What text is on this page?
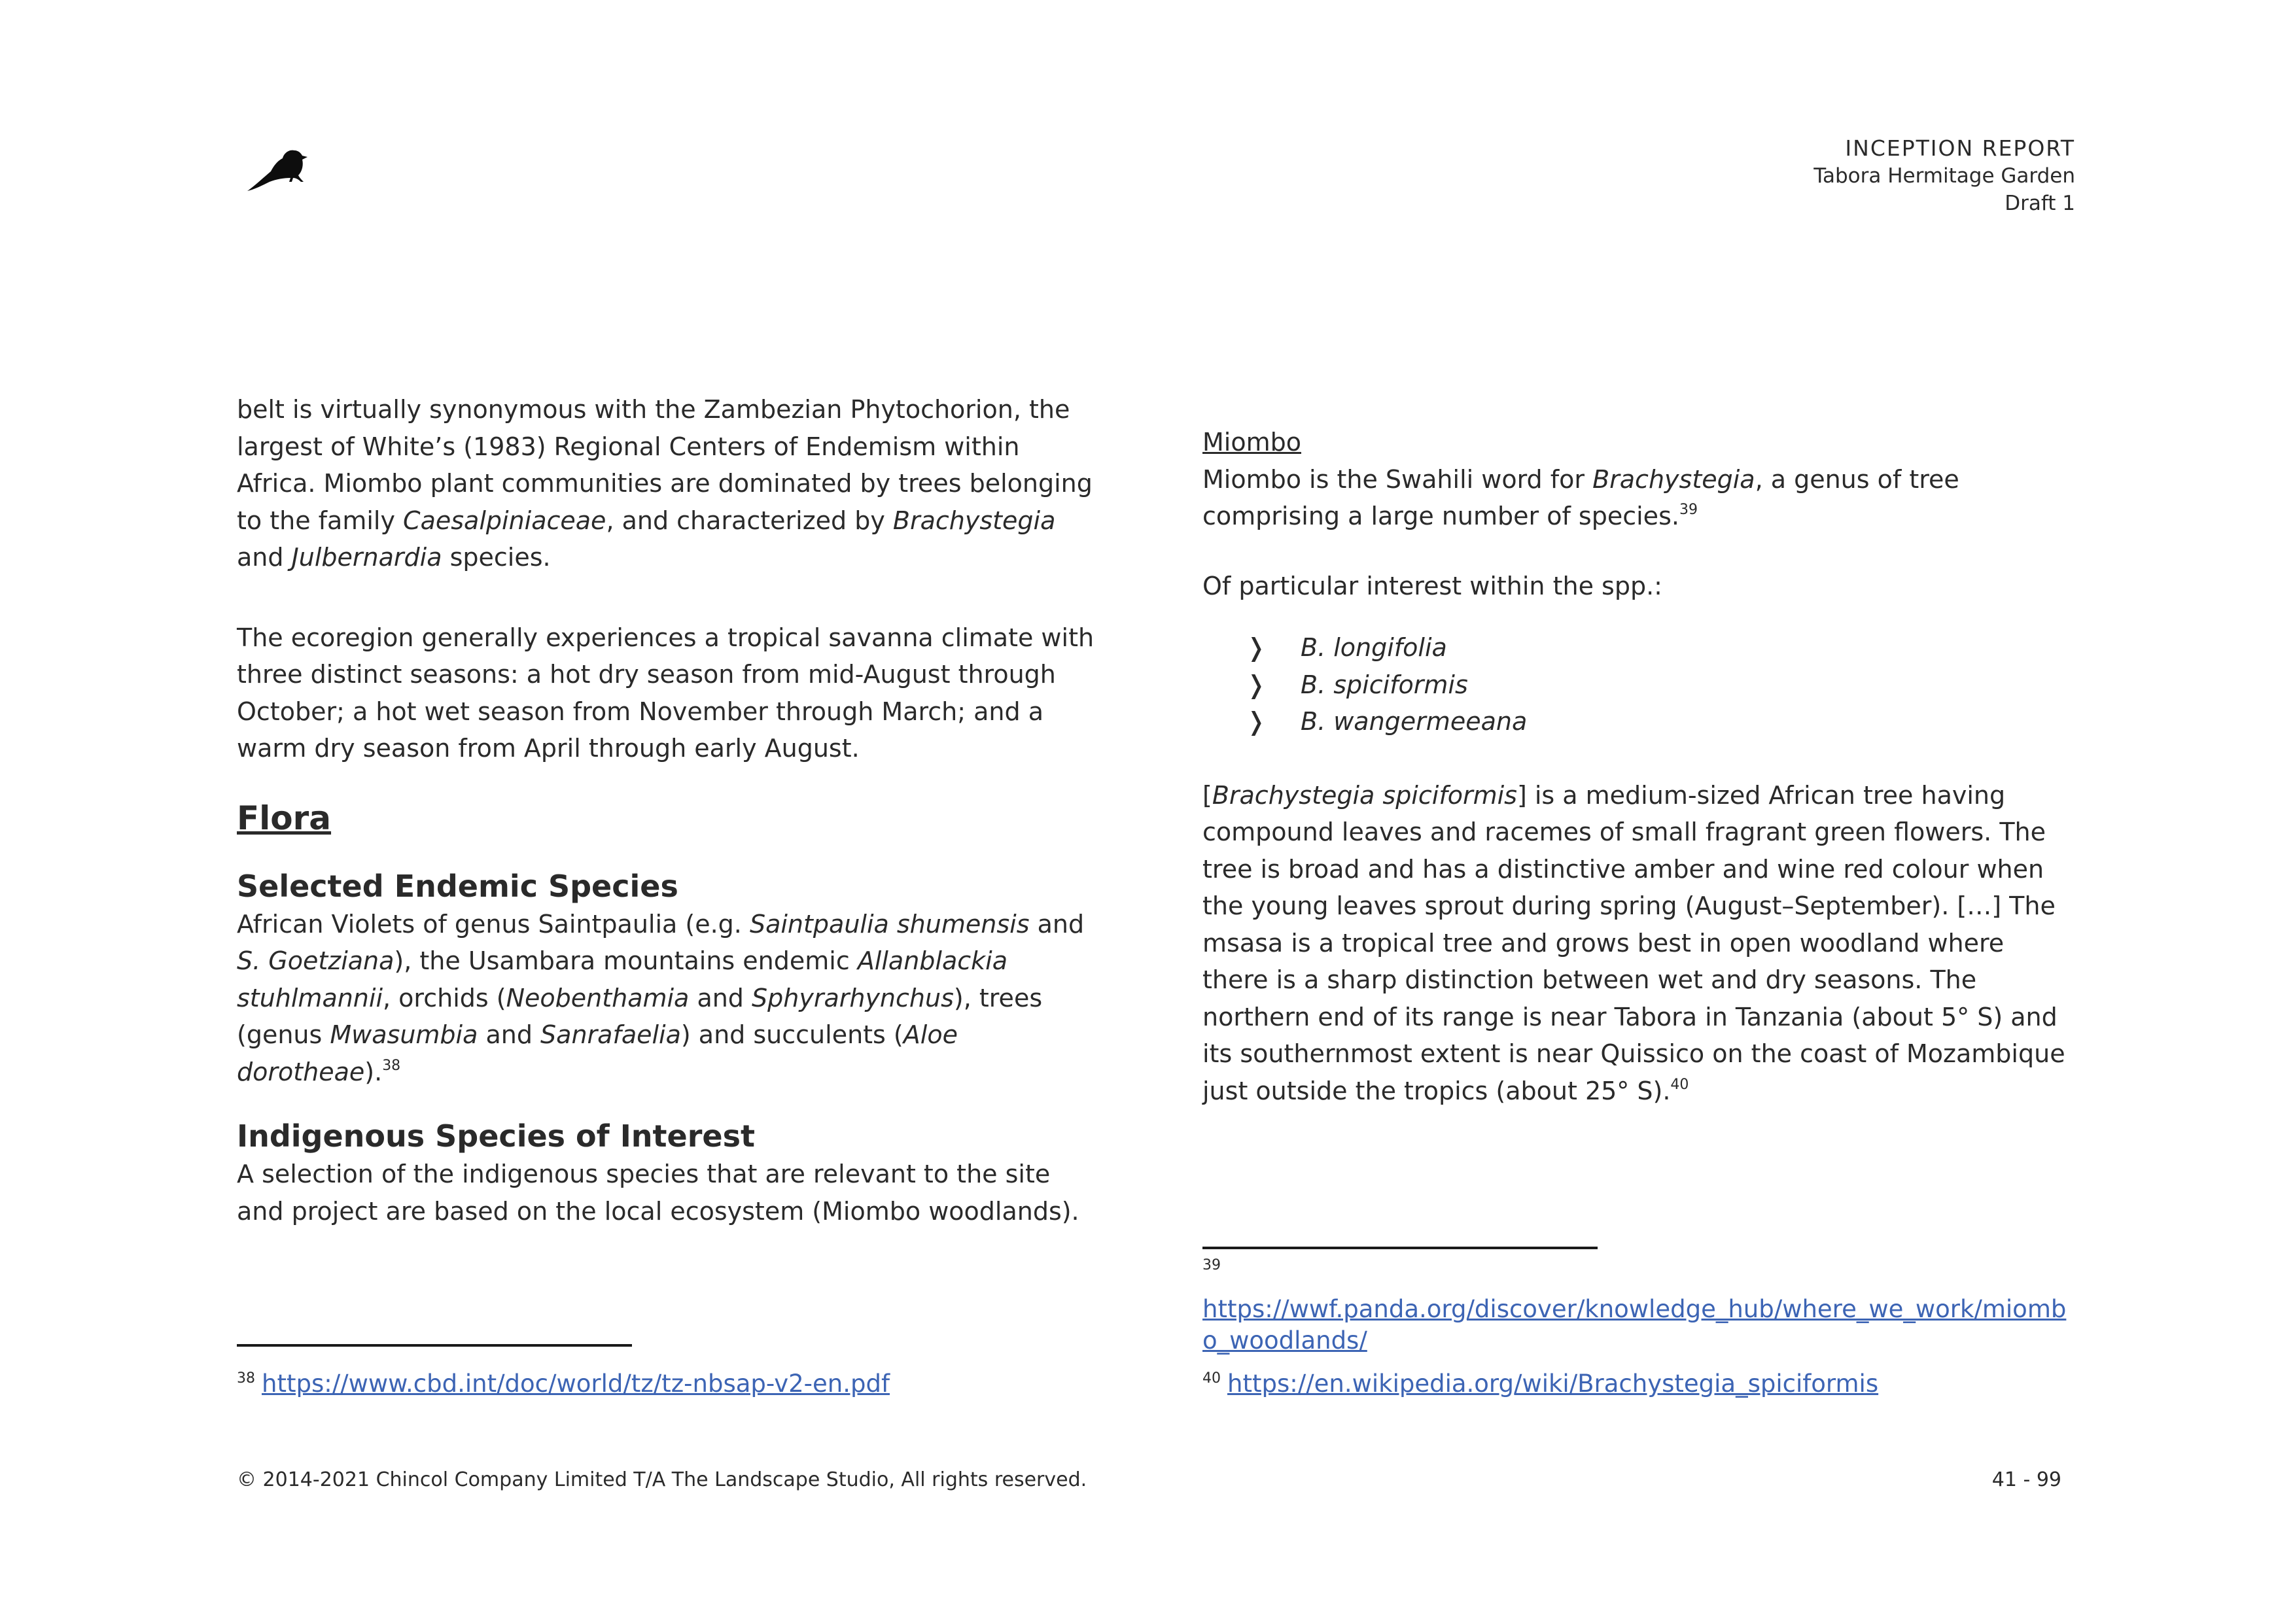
INCEPTION REPORT
Tabora Hermitage Garden
Draft 1

belt is virtually synonymous with the Zambezian Phytochorion, the largest of White’s (1983) Regional Centers of Endemism within Africa. Miombo plant communities are dominated by trees belonging to the family Caesalpiniaceae, and characterized by Brachystegia and Julbernardia species.

The ecoregion generally experiences a tropical savanna climate with three distinct seasons: a hot dry season from mid-August through October; a hot wet season from November through March; and a warm dry season from April through early August.

Flora
Selected Endemic Species

African Violets of genus Saintpaulia (e.g. Saintpaulia shumensis and S. Goetziana), the Usambara mountains endemic Allanblackia stuhlmannii, orchids (Neobenthamia and Sphyrarhynchus), trees (genus Mwasumbia and Sanrafaelia) and succulents (Aloe dorotheae).$^{38}$

Indigenous Species of Interest

A selection of the indigenous species that are relevant to the site and project are based on the local ecosystem (Miombo woodlands).

Miombo

Miombo is the Swahili word for Brachystegia, a genus of tree comprising a large number of species.$^{39}$

Of particular interest within the spp.:

❭ B. longifolia
❭ B. spiciformis
❭ B. wangermeeana

[Brachystegia spiciformis] is a medium-sized African tree having compound leaves and racemes of small fragrant green flowers. The tree is broad and has a distinctive amber and wine red colour when the young leaves sprout during spring (August–September). […] The msasa is a tropical tree and grows best in open woodland where there is a sharp distinction between wet and dry seasons. The northern end of its range is near Tabora in Tanzania (about 5° S) and its southernmost extent is near Quissico on the coast of Mozambique just outside the tropics (about 25° S).$^{40}$

$^{38}$ https://www.cbd.int/doc/world/tz/tz-nbsap-v2-en.pdf
39
https://wwf.panda.org/discover/knowledge_hub/where_we_work/miombo_woodlands/
$^{40}$ https://en.wikipedia.org/wiki/Brachystegia_spiciformis
© 2014-2021 Chincol Company Limited T/A The Landscape Studio, All rights reserved.	41 - 99
